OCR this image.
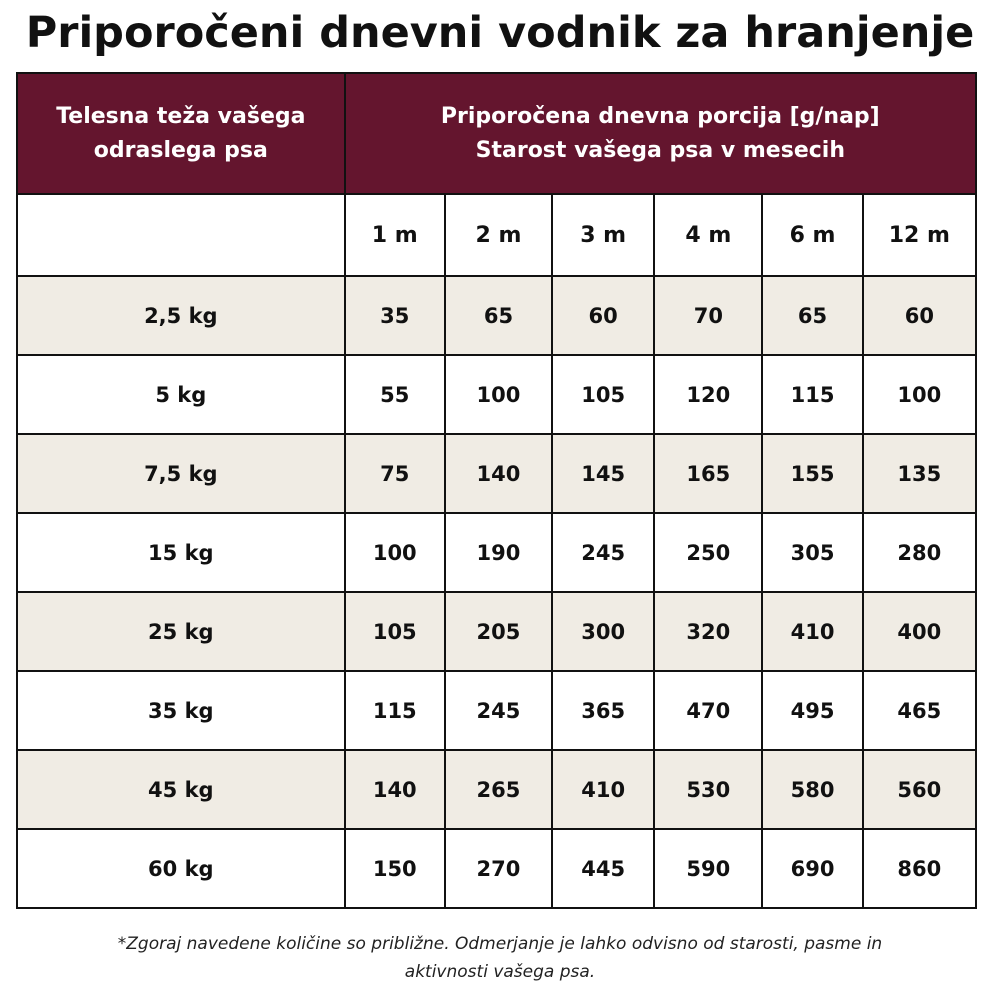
Priporočeni dnevni vodnik za hranjenje
Telesna teža vašega
odraslega psa	Priporočena dnevna porcija [g/nap]
Starost vašega psa v mesecih					

	1 m	2 m	3 m	4 m	6 m	12 m
2,5 kg	35	65	60	70	65	60
5 kg	55	100	105	120	115	100
7,5 kg	75	140	145	165	155	135
15 kg	100	190	245	250	305	280
25 kg	105	205	300	320	410	400
35 kg	115	245	365	470	495	465
45 kg	140	265	410	530	580	560
60 kg	150	270	445	590	690	860
*Zgoraj navedene količine so približne. Odmerjanje je lahko odvisno od starosti, pasme in
aktivnosti vašega psa.
